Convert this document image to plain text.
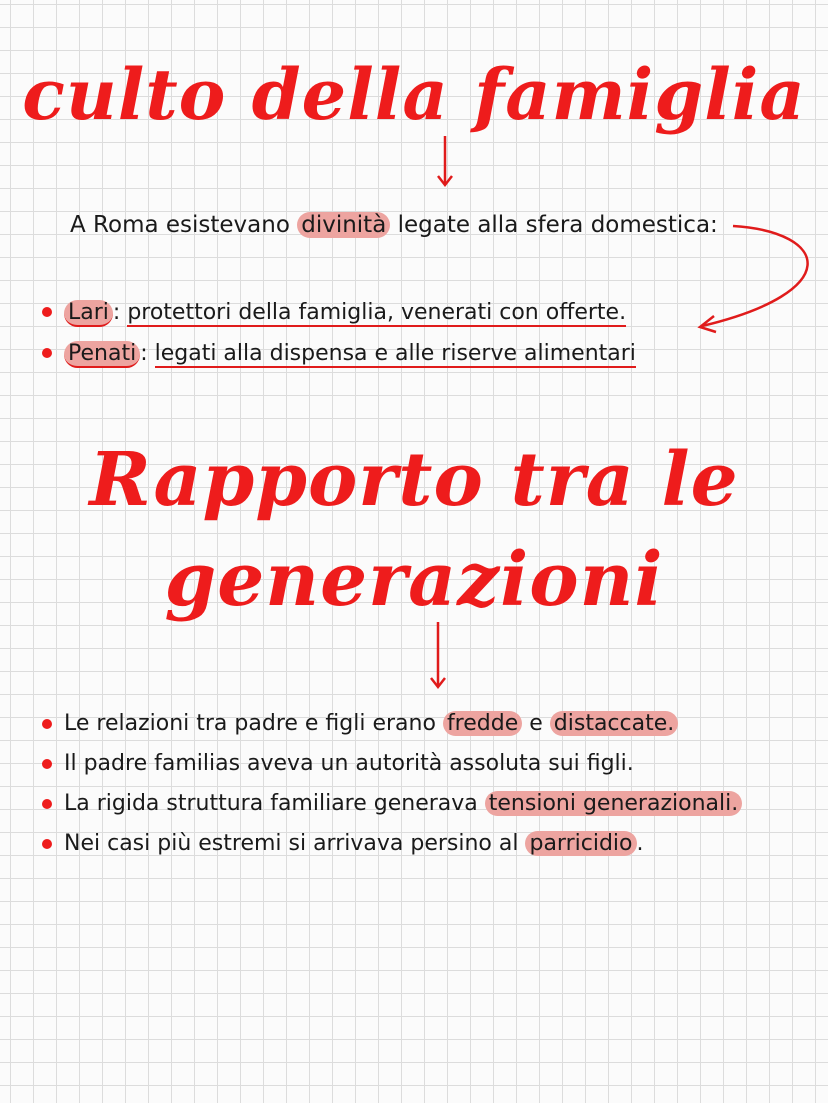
culto della famiglia
A Roma esistevano divinità legate alla sfera domestica:
Lari : protettori della famiglia, venerati con offerte.
Penati : legati alla dispensa e alle riserve alimentari
Rapporto tra le
generazioni
Le relazioni tra padre e figli erano fredde e distaccate.
Il padre familias aveva un autorità assoluta sui figli.
La rigida struttura familiare generava tensioni generazionali.
Nei casi più estremi si arrivava persino al parricidio .
